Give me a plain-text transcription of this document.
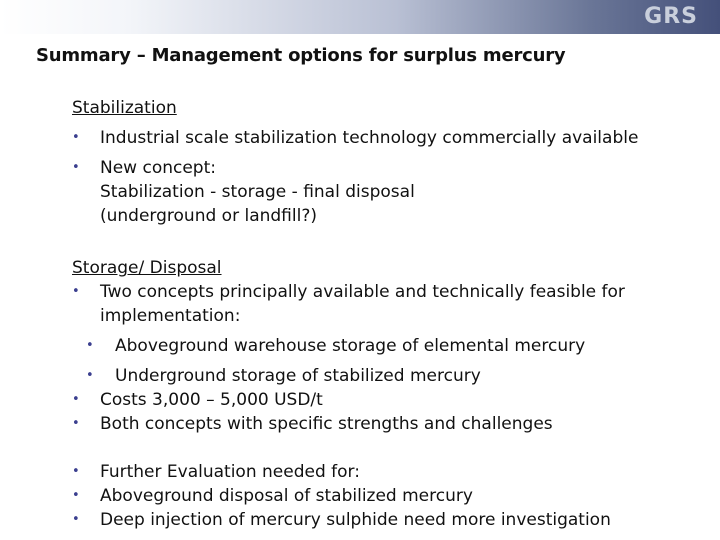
GRS
Summary – Management options for surplus mercury
Stabilization
• Industrial scale stabilization technology commercially available
• New concept:
Stabilization - storage - final disposal
(underground or landfill?)
Storage/ Disposal
• Two concepts principally available and technically feasible for
implementation:
• Aboveground warehouse storage of elemental mercury
• Underground storage of stabilized mercury
• Costs 3,000 – 5,000 USD/t
• Both concepts with specific strengths and challenges
• Further Evaluation needed for:
• Aboveground disposal of stabilized mercury
• Deep injection of mercury sulphide need more investigation
